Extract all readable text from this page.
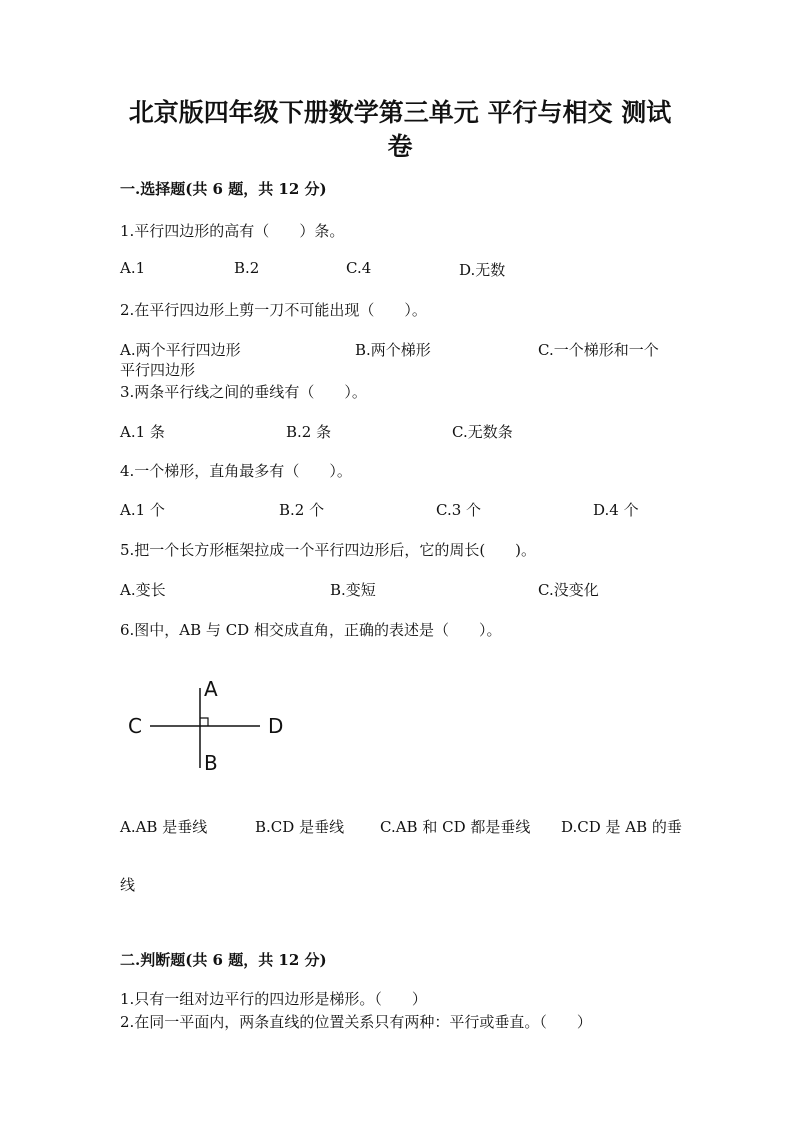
北京版四年级下册数学第三单元 平行与相交 测试
卷
一.选择题(共 6 题，共 12 分)
1.平行四边形的高有（　　）条。
A.1	B.2	C.4	D.无数
2.在平行四边形上剪一刀不可能出现（　　）。
A.两个平行四边形	B.两个梯形	C.一个梯形和一个
平行四边形
3.两条平行线之间的垂线有（　　）。
A.1 条	B.2 条	C.无数条
4.一个梯形，直角最多有（　　）。
A.1 个	B.2 个	C.3 个	D.4 个
5.把一个长方形框架拉成一个平行四边形后，它的周长(　　)。
A.变长	B.变短	C.没变化
6.图中，AB 与 CD 相交成直角，正确的表述是（　　）。
A
B
C	D
A.AB 是垂线	B.CD 是垂线 C.AB 和 CD 都是垂线 D.CD 是 AB 的垂
线
二.判断题(共 6 题，共 12 分)
1.只有一组对边平行的四边形是梯形。（　　）
2.在同一平面内，两条直线的位置关系只有两种：平行或垂直。（　　）
